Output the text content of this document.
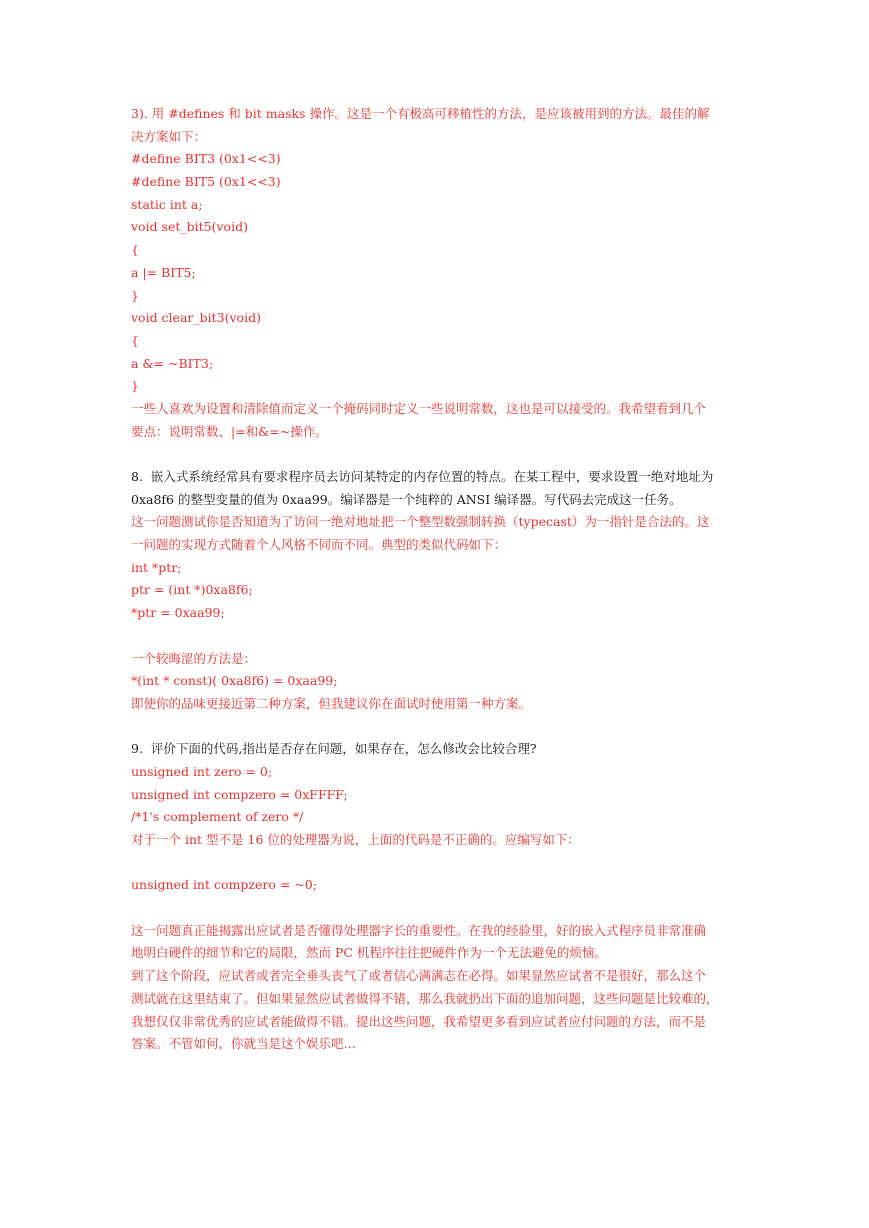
3). 用 #defines 和 bit masks 操作。这是一个有极高可移植性的方法，是应该被用到的方法。最佳的解
决方案如下：
#define BIT3 (0x1<<3)
#define BIT5 (0x1<<3)
static int a;
void set_bit5(void)
{
a |= BIT5;
}
void clear_bit3(void)
{
a &= ~BIT3;
}
一些人喜欢为设置和清除值而定义一个掩码同时定义一些说明常数，这也是可以接受的。我希望看到几个
要点：说明常数、|=和&=~操作。
8.  嵌入式系统经常具有要求程序员去访问某特定的内存位置的特点。在某工程中，要求设置一绝对地址为
0xa8f6 的整型变量的值为 0xaa99。编译器是一个纯粹的 ANSI 编译器。写代码去完成这一任务。
这一问题测试你是否知道为了访问一绝对地址把一个整型数强制转换（typecast）为一指针是合法的。这
一问题的实现方式随着个人风格不同而不同。典型的类似代码如下：
int *ptr;
ptr = (int *)0xa8f6;
*ptr = 0xaa99;
一个较晦涩的方法是：
*(int * const)( 0xa8f6) = 0xaa99;
即使你的品味更接近第二种方案，但我建议你在面试时使用第一种方案。
9.  评价下面的代码,指出是否存在问题，如果存在，怎么修改会比较合理?
unsigned int zero = 0;
unsigned int compzero = 0xFFFF;
/*1's complement of zero */
对于一个 int 型不是 16 位的处理器为说，上面的代码是不正确的。应编写如下：
unsigned int compzero = ~0;
这一问题真正能揭露出应试者是否懂得处理器字长的重要性。在我的经验里，好的嵌入式程序员非常准确
地明白硬件的细节和它的局限，然而 PC 机程序往往把硬件作为一个无法避免的烦恼。
到了这个阶段，应试者或者完全垂头丧气了或者信心满满志在必得。如果显然应试者不是很好，那么这个
测试就在这里结束了。但如果显然应试者做得不错，那么我就扔出下面的追加问题，这些问题是比较难的，
我想仅仅非常优秀的应试者能做得不错。提出这些问题，我希望更多看到应试者应付问题的方法，而不是
答案。不管如何，你就当是这个娱乐吧…
